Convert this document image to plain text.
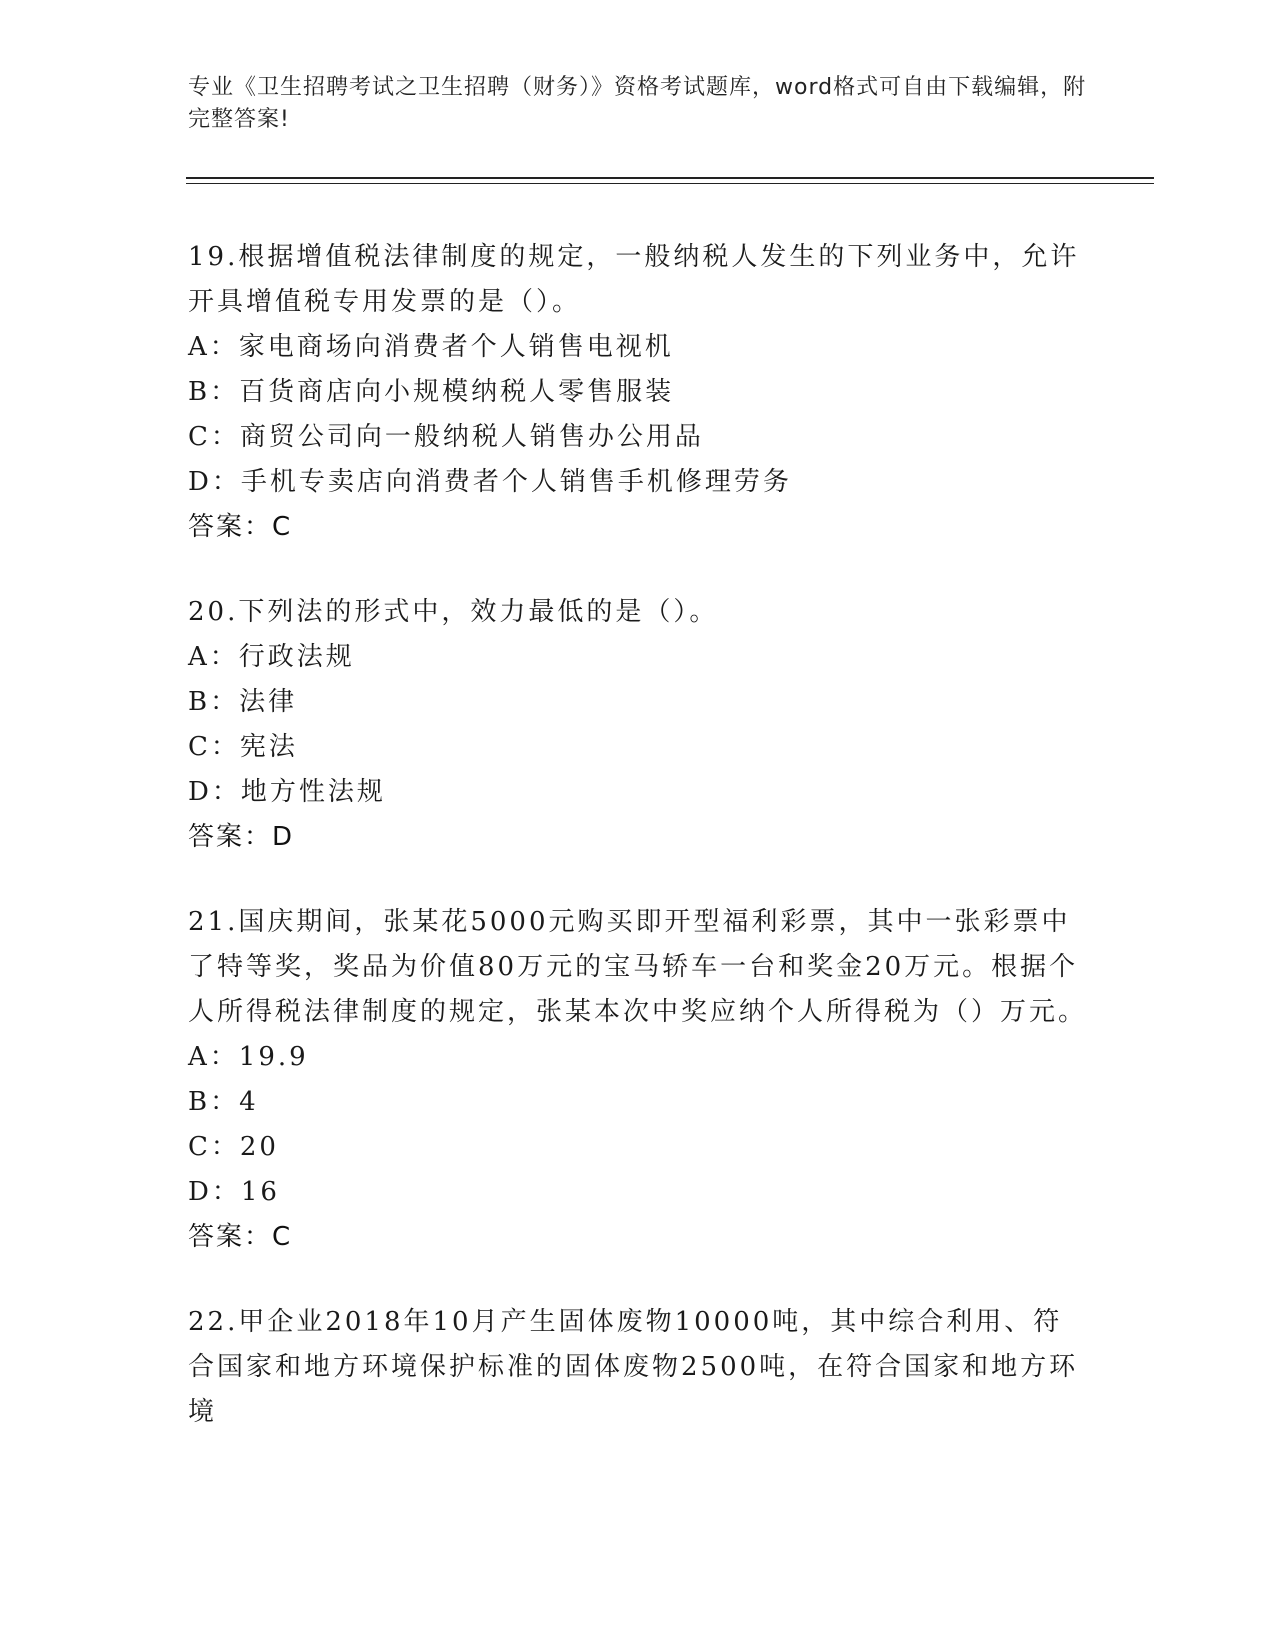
专业《卫生招聘考试之卫生招聘（财务）》资格考试题库，word格式可自由下载编辑，附完整答案!

19.根据增值税法律制度的规定，一般纳税人发生的下列业务中，允许开具增值税专用发票的是（）。

A：家电商场向消费者个人销售电视机

B：百货商店向小规模纳税人零售服装

C：商贸公司向一般纳税人销售办公用品

D：手机专卖店向消费者个人销售手机修理劳务

答案：C

20.下列法的形式中，效力最低的是（）。

A：行政法规

B：法律

C：宪法

D：地方性法规

答案：D

21.国庆期间，张某花5000元购买即开型福利彩票，其中一张彩票中了特等奖，奖品为价值80万元的宝马轿车一台和奖金20万元。根据个人所得税法律制度的规定，张某本次中奖应纳个人所得税为（）万元。

A：19.9

B：4

C：20

D：16

答案：C

22.甲企业2018年10月产生固体废物10000吨，其中综合利用、符合国家和地方环境保护标准的固体废物2500吨，在符合国家和地方环境
